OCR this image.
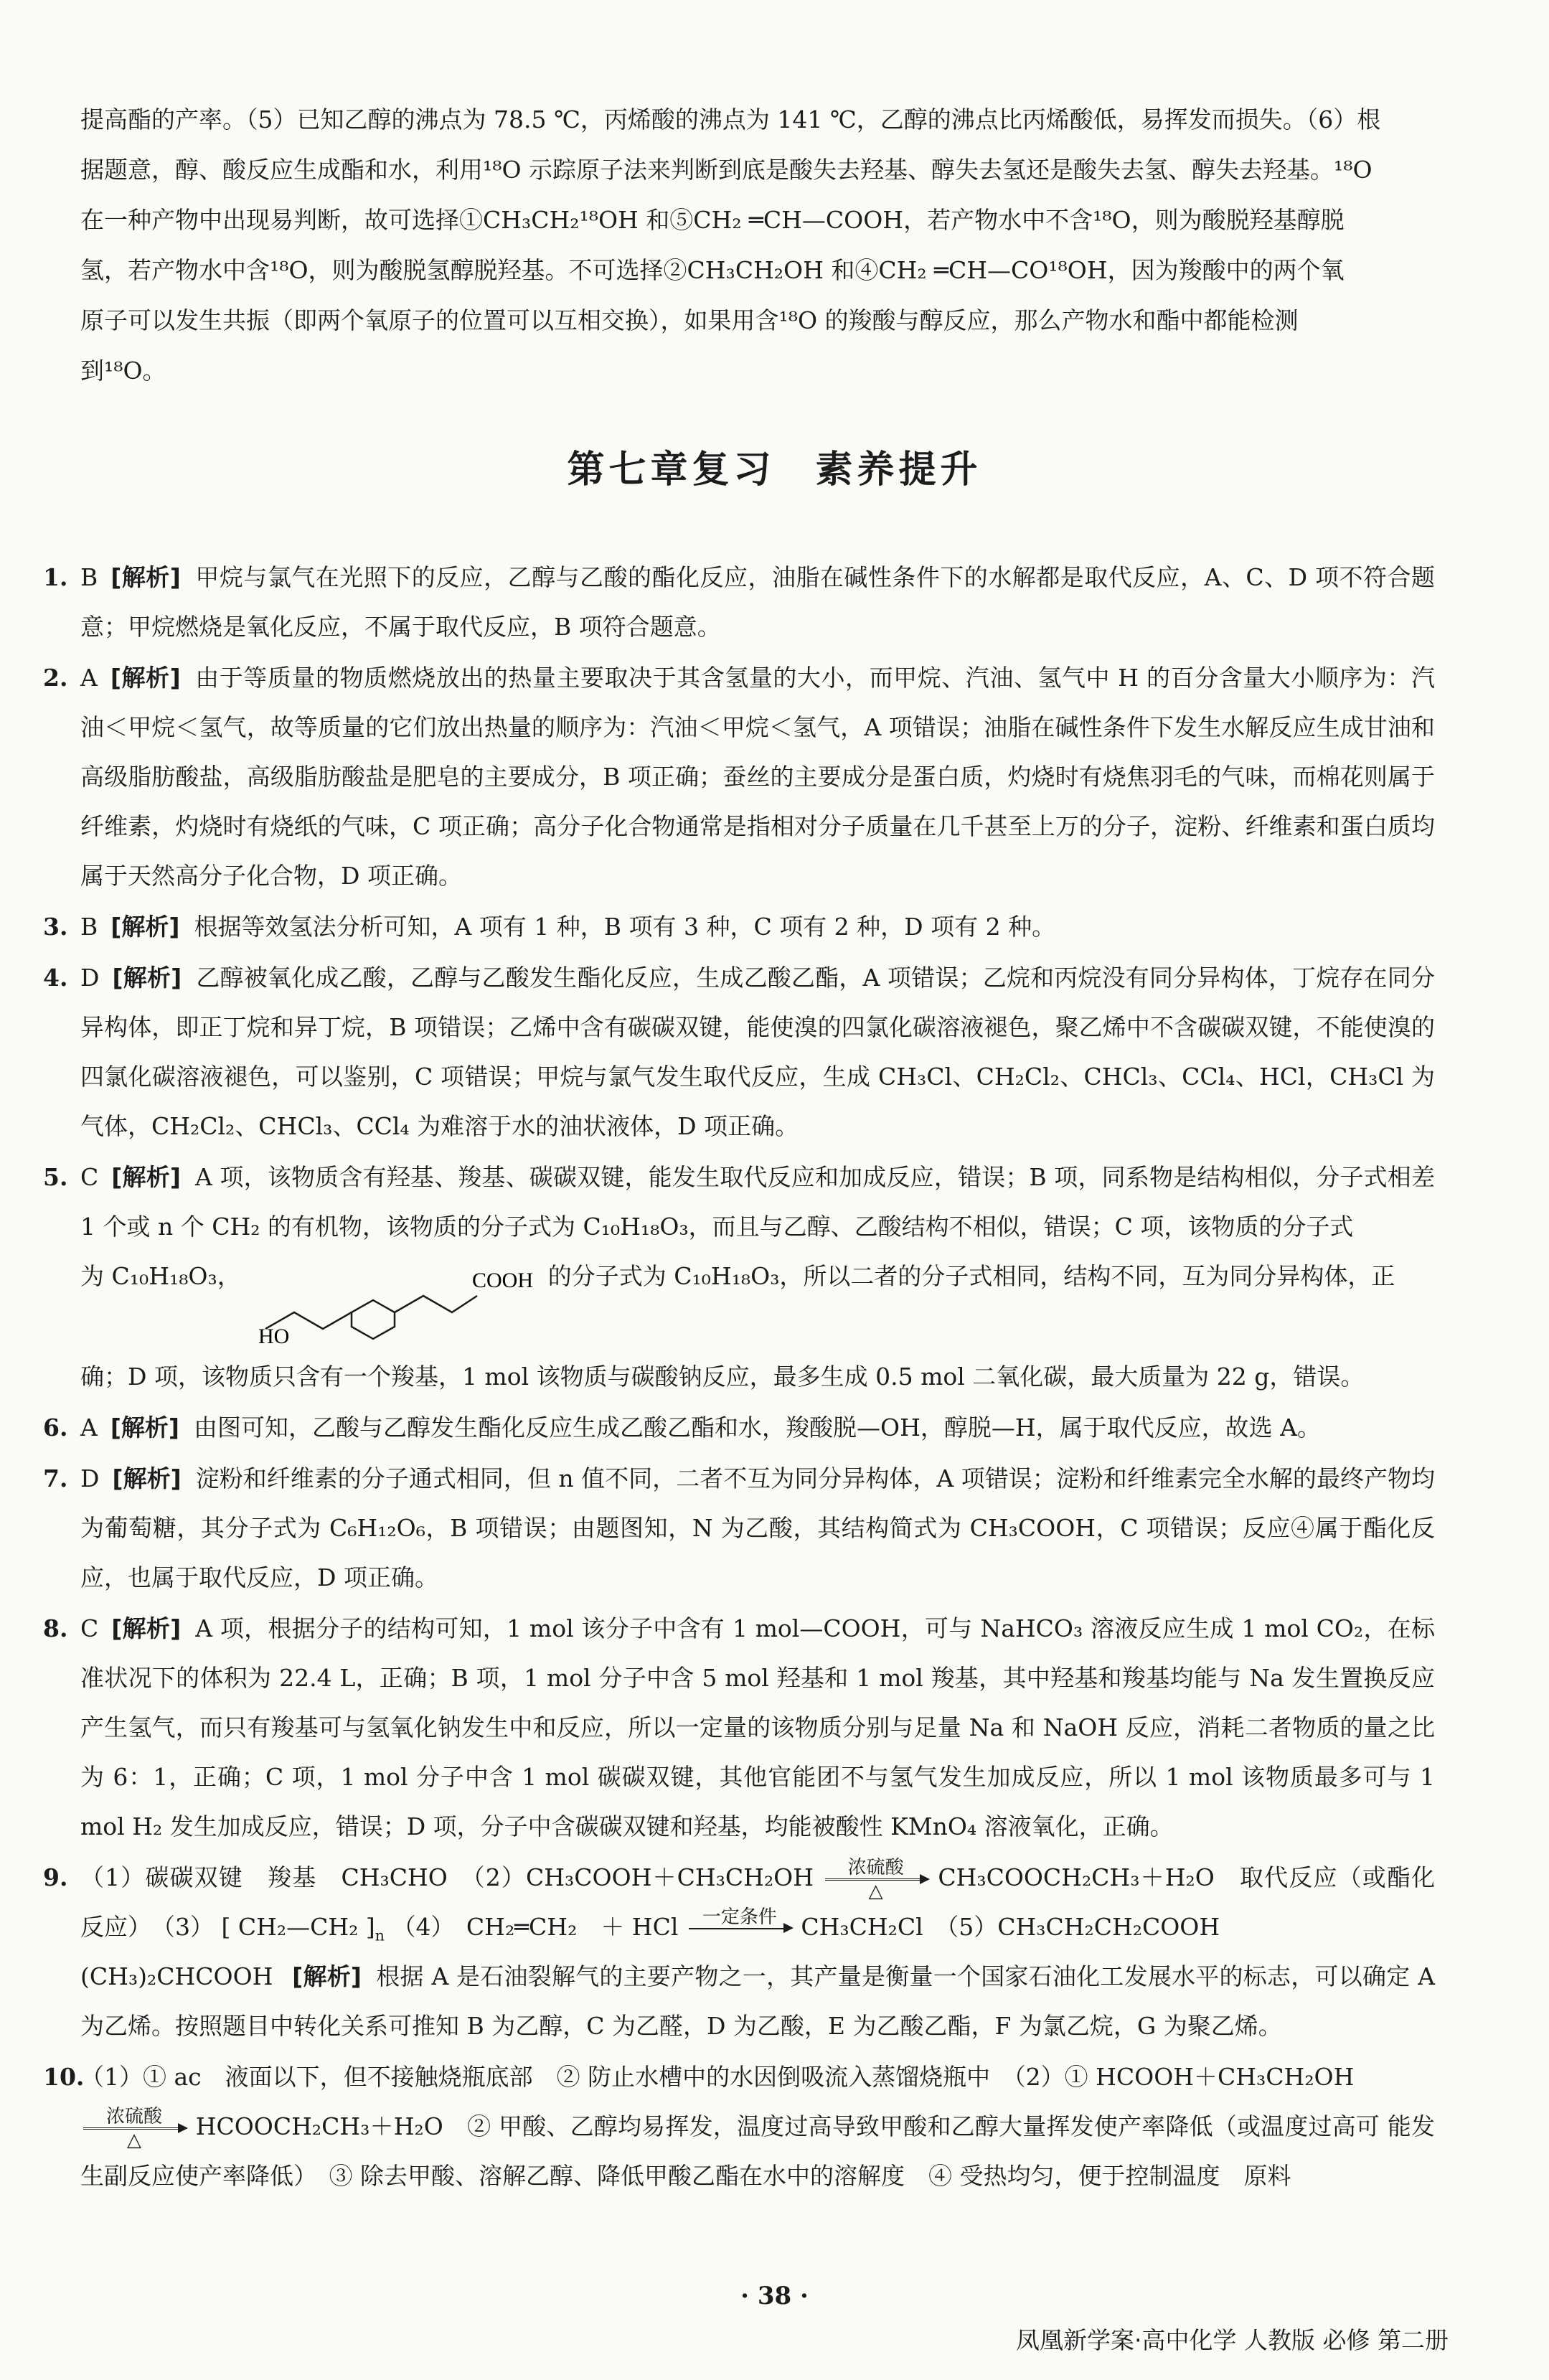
提高酯的产率。（5）已知乙醇的沸点为 78.5 ℃，丙烯酸的沸点为 141 ℃，乙醇的沸点比丙烯酸低，易挥发而损失。（6）根

据题意，醇、酸反应生成酯和水，利用¹⁸O 示踪原子法来判断到底是酸失去羟基、醇失去氢还是酸失去氢、醇失去羟基。¹⁸O

在一种产物中出现易判断，故可选择①CH₃CH₂¹⁸OH 和⑤CH₂ ═CH—COOH，若产物水中不含¹⁸O，则为酸脱羟基醇脱

氢，若产物水中含¹⁸O，则为酸脱氢醇脱羟基。不可选择②CH₃CH₂OH 和④CH₂ ═CH—CO¹⁸OH，因为羧酸中的两个氧

原子可以发生共振（即两个氧原子的位置可以互相交换），如果用含¹⁸O 的羧酸与醇反应，那么产物水和酯中都能检测

到¹⁸O。

第七章复习 素养提升
1. B [解析] 甲烷与氯气在光照下的反应，乙醇与乙酸的酯化反应，油脂在碱性条件下的水解都是取代反应，A、C、D 项不符合题意；甲烷燃烧是氧化反应，不属于取代反应，B 项符合题意。
2. A [解析] 由于等质量的物质燃烧放出的热量主要取决于其含氢量的大小，而甲烷、汽油、氢气中 H 的百分含量大小顺序为：汽油＜甲烷＜氢气，故等质量的它们放出热量的顺序为：汽油＜甲烷＜氢气，A 项错误；油脂在碱性条件下发生水解反应生成甘油和高级脂肪酸盐，高级脂肪酸盐是肥皂的主要成分，B 项正确；蚕丝的主要成分是蛋白质，灼烧时有烧焦羽毛的气味，而棉花则属于纤维素，灼烧时有烧纸的气味，C 项正确；高分子化合物通常是指相对分子质量在几千甚至上万的分子，淀粉、纤维素和蛋白质均属于天然高分子化合物，D 项正确。
3. B [解析] 根据等效氢法分析可知，A 项有 1 种，B 项有 3 种，C 项有 2 种，D 项有 2 种。
4. D [解析] 乙醇被氧化成乙酸，乙醇与乙酸发生酯化反应，生成乙酸乙酯，A 项错误；乙烷和丙烷没有同分异构体，丁烷存在同分异构体，即正丁烷和异丁烷，B 项错误；乙烯中含有碳碳双键，能使溴的四氯化碳溶液褪色，聚乙烯中不含碳碳双键，不能使溴的四氯化碳溶液褪色，可以鉴别，C 项错误；甲烷与氯气发生取代反应，生成 CH₃Cl、CH₂Cl₂、CHCl₃、CCl₄、HCl，CH₃Cl 为气体，CH₂Cl₂、CHCl₃、CCl₄ 为难溶于水的油状液体，D 项正确。
5. C [解析] A 项，该物质含有羟基、羧基、碳碳双键，能发生取代反应和加成反应，错误；B 项，同系物是结构相似，分子式相差 1 个或 n 个 CH₂ 的有机物，该物质的分子式为 C₁₀H₁₈O₃，而且与乙醇、乙酸结构不相似，错误；C 项，该物质的分子式
为 C₁₀H₁₈O₃，	COOH
HO
的分子式为 C₁₀H₁₈O₃，所以二者的分子式相同，结构不同，互为同分异构体，正
确；D 项，该物质只含有一个羧基，1 mol 该物质与碳酸钠反应，最多生成 0.5 mol 二氧化碳，最大质量为 22 g，错误。
6. A [解析] 由图可知，乙酸与乙醇发生酯化反应生成乙酸乙酯和水，羧酸脱—OH，醇脱—H，属于取代反应，故选 A。
7. D [解析] 淀粉和纤维素的分子通式相同，但 n 值不同，二者不互为同分异构体，A 项错误；淀粉和纤维素完全水解的最终产物均为葡萄糖，其分子式为 C₆H₁₂O₆，B 项错误；由题图知，N 为乙酸，其结构简式为 CH₃COOH，C 项错误；反应④属于酯化反应，也属于取代反应，D 项正确。
8. C [解析] A 项，根据分子的结构可知，1 mol 该分子中含有 1 mol—COOH，可与 NaHCO₃ 溶液反应生成 1 mol CO₂，在标准状况下的体积为 22.4 L，正确；B 项，1 mol 分子中含 5 mol 羟基和 1 mol 羧基，其中羟基和羧基均能与 Na 发生置换反应产生氢气，而只有羧基可与氢氧化钠发生中和反应，所以一定量的该物质分别与足量 Na 和 NaOH 反应，消耗二者物质的量之比为 6：1，正确；C 项，1 mol 分子中含 1 mol 碳碳双键，其他官能团不与氢气发生加成反应，所以 1 mol 该物质最多可与 1 mol H₂ 发生加成反应，错误；D 项，分子中含碳碳双键和羟基，均能被酸性 KMnO₄ 溶液氧化，正确。
9. （1）碳碳双键　羧基　CH₃CHO　（2）CH₃COOH＋CH₃CH₂OH	浓硫酸
△	CH₃COOCH₂CH₃＋H₂O　取代反应（或酯化 反应）　（3） [ CH₂—CH₂ ]$_n$ （4）　CH₂═CH₂　＋ HCl	一定条件
	CH₃CH₂Cl　（5）CH₃CH₂CH₂COOH
(CH₃)₂CHCOOH [解析] 根据 A 是石油裂解气的主要产物之一，其产量是衡量一个国家石油化工发展水平的标志，可以确定 A 为乙烯。按照题目中转化关系可推知 B 为乙醇，C 为乙醛，D 为乙酸，E 为乙酸乙酯，F 为氯乙烷，G 为聚乙烯。
10.
（1）① ac　液面以下，但不接触烧瓶底部　② 防止水槽中的水因倒吸流入蒸馏烧瓶中　（2）① HCOOH＋CH₃CH₂OH

浓硫酸
△	HCOOCH₂CH₃＋H₂O　② 甲酸、乙醇均易挥发，温度过高导致甲酸和乙醇大量挥发使产率降低（或温度过高可 能发生副反应使产率降低）　③ 除去甲酸、溶解乙醇、降低甲酸乙酯在水中的溶解度　④ 受热均匀，便于控制温度　原料
· 38 ·
凤凰新学案·高中化学 人教版 必修 第二册
